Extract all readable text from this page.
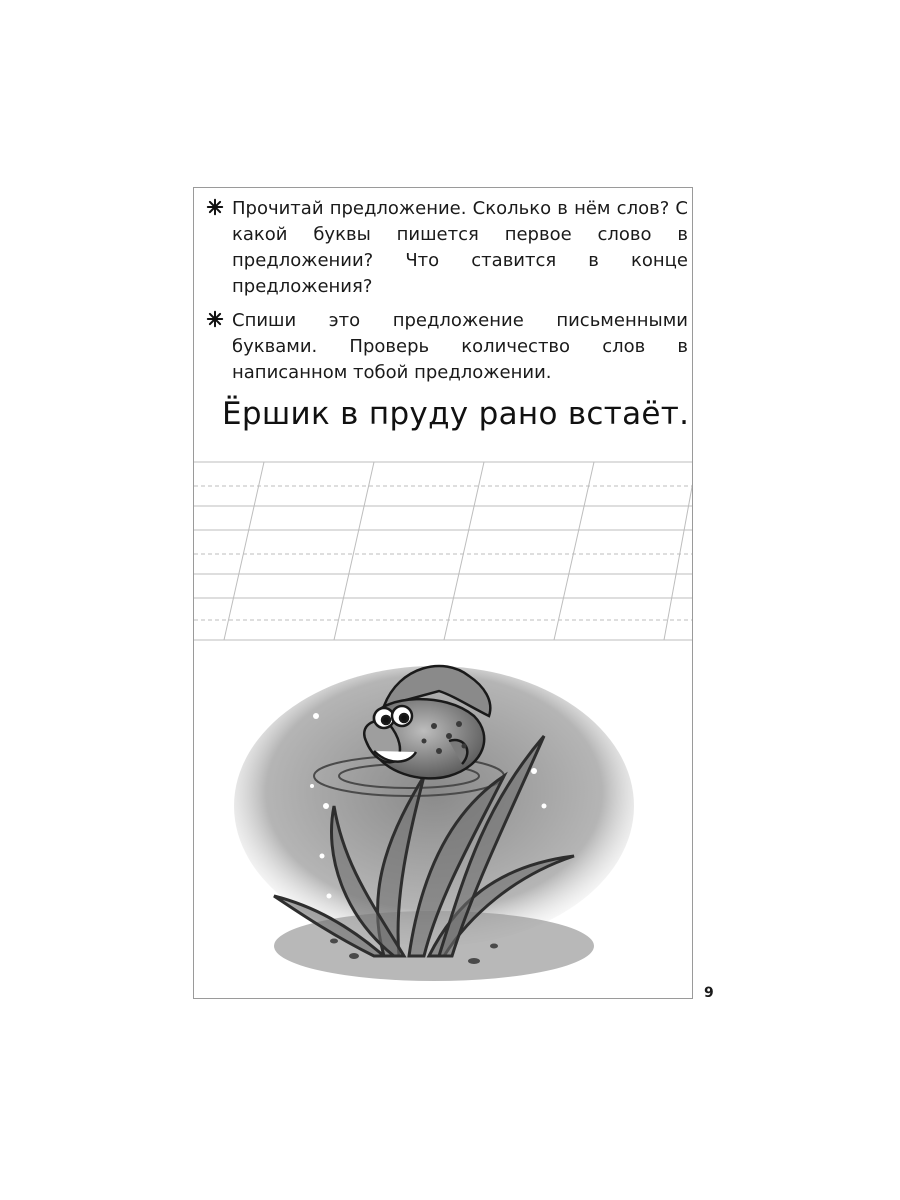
Прочитай предложение. Сколько в нём слов? С какой буквы пишется первое слово в предложении? Что ставится в конце предложения?
Спиши это предложение письменными буквами. Проверь количество слов в написанном тобой предложении.
Ёршик в пруду рано встаёт.
9
